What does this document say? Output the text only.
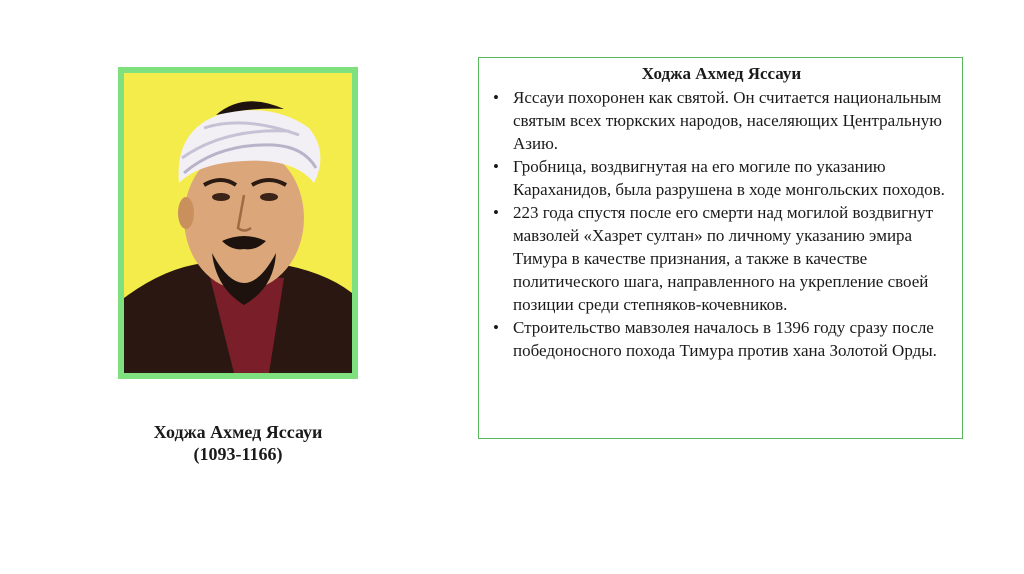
Ходжа Ахмед Яссауи
(1093-1166)
Ходжа Ахмед Яссауи
• Яссауи похоронен как святой. Он считается национальным святым всех тюркских народов, населяющих Центральную Азию.
• Гробница, воздвигнутая на его могиле по указанию Караханидов, была разрушена в ходе монгольских походов.
• 223 года спустя после его смерти над могилой воздвигнут мавзолей «Хазрет султан» по личному указанию эмира Тимура в качестве признания, а также в качестве политического шага, направленного на укрепление своей позиции среди степняков-кочевников.
• Строительство мавзолея началось в 1396 году сразу после победоносного похода Тимура против хана Золотой Орды.
